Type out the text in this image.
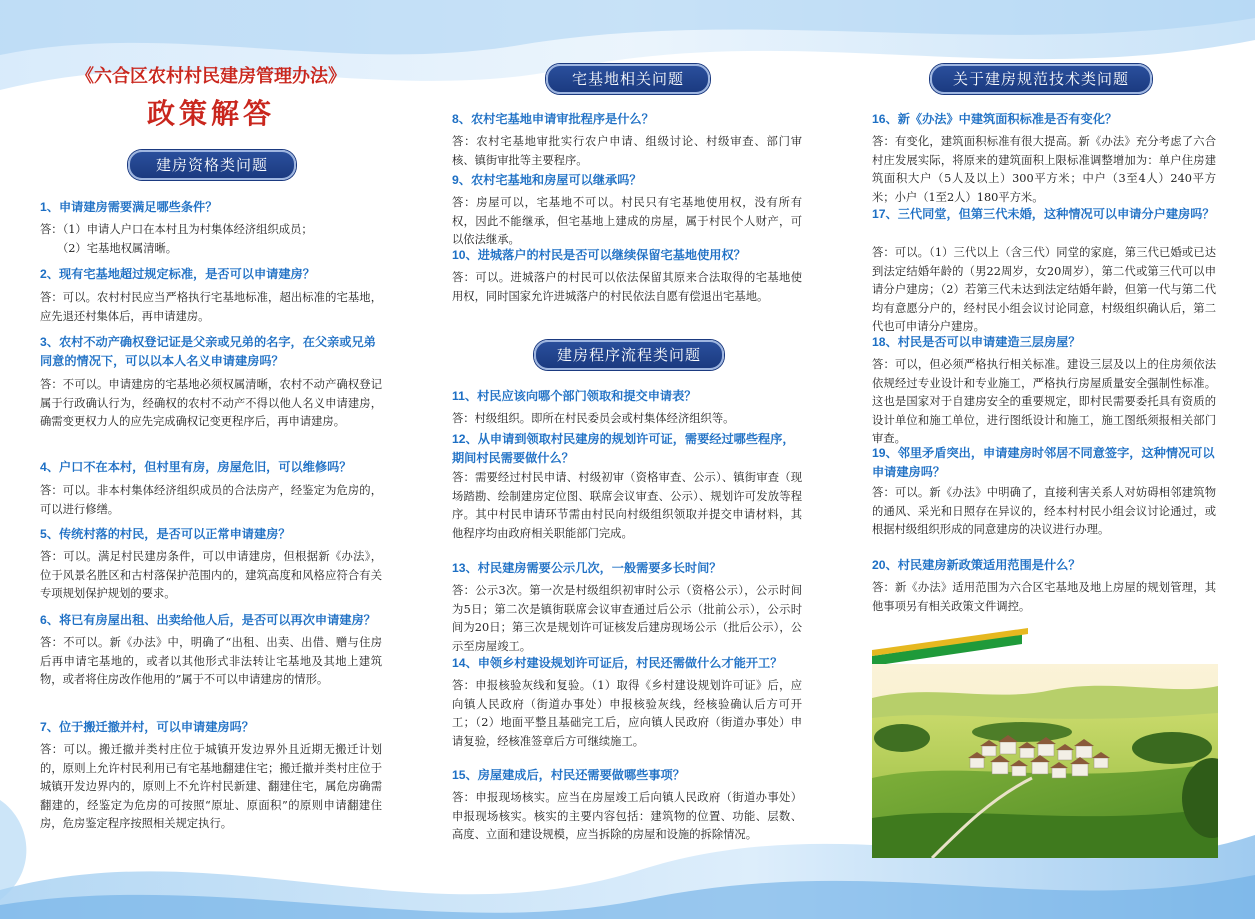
《六合区农村村民建房管理办法》
政策解答
建房资格类问题

1、申请建房需要满足哪些条件？

答：（1）申请人户口在本村且为村集体经济组织成员；
　　（2）宅基地权属清晰。

2、现有宅基地超过规定标准，是否可以申请建房？

答：可以。农村村民应当严格执行宅基地标准，超出标准的宅基地，应先退还村集体后，再申请建房。

3、农村不动产确权登记证是父亲或兄弟的名字，在父亲或兄弟同意的情况下，可以以本人名义申请建房吗？

答：不可以。申请建房的宅基地必须权属清晰，农村不动产确权登记属于行政确认行为，经确权的农村不动产不得以他人名义申请建房，确需变更权力人的应先完成确权记变更程序后，再申请建房。

4、户口不在本村，但村里有房，房屋危旧，可以维修吗？

答：可以。非本村集体经济组织成员的合法房产，经鉴定为危房的，可以进行修缮。

5、传统村落的村民，是否可以正常申请建房？

答：可以。满足村民建房条件，可以申请建房，但根据新《办法》，位于风景名胜区和古村落保护范围内的，建筑高度和风格应符合有关专项规划保护规划的要求。

6、将已有房屋出租、出卖给他人后，是否可以再次申请建房？

答：不可以。新《办法》中，明确了“出租、出卖、出借、赠与住房后再申请宅基地的，或者以其他形式非法转让宅基地及其地上建筑物，或者将住房改作他用的”属于不可以申请建房的情形。

7、位于搬迁撤并村，可以申请建房吗？

答：可以。搬迁撤并类村庄位于城镇开发边界外且近期无搬迁计划的，原则上允许村民利用已有宅基地翻建住宅；搬迁撤并类村庄位于城镇开发边界内的，原则上不允许村民新建、翻建住宅，属危房确需翻建的，经鉴定为危房的可按照“原址、原面积”的原则申请翻建住房，危房鉴定程序按照相关规定执行。

宅基地相关问题

8、农村宅基地申请审批程序是什么？

答：农村宅基地审批实行农户申请、组级讨论、村级审查、部门审核、镇街审批等主要程序。

9、农村宅基地和房屋可以继承吗？

答：房屋可以，宅基地不可以。村民只有宅基地使用权，没有所有权，因此不能继承，但宅基地上建成的房屋，属于村民个人财产，可以依法继承。

10、进城落户的村民是否可以继续保留宅基地使用权？

答：可以。进城落户的村民可以依法保留其原来合法取得的宅基地使用权，同时国家允许进城落户的村民依法自愿有偿退出宅基地。

建房程序流程类问题

11、村民应该向哪个部门领取和提交申请表？

答：村级组织。即所在村民委员会或村集体经济组织等。

12、从申请到领取村民建房的规划许可证，需要经过哪些程序，期间村民需要做什么？

答：需要经过村民申请、村级初审（资格审查、公示）、镇街审查（现场踏勘、绘制建房定位图、联席会议审查、公示）、规划许可发放等程序。其中村民申请环节需由村民向村级组织领取并提交申请材料，其他程序均由政府相关职能部门完成。

13、村民建房需要公示几次，一般需要多长时间？

答：公示3次。第一次是村级组织初审时公示（资格公示），公示时间为5日；第二次是镇街联席会议审查通过后公示（批前公示），公示时间为20日；第三次是规划许可证核发后建房现场公示（批后公示），公示至房屋竣工。

14、申领乡村建设规划许可证后，村民还需做什么才能开工？

答：申报核验灰线和复验。（1）取得《乡村建设规划许可证》后，应向镇人民政府（街道办事处）申报核验灰线，经核验确认后方可开工；（2）地面平整且基础完工后，应向镇人民政府（街道办事处）申请复验，经核准签章后方可继续施工。

15、房屋建成后，村民还需要做哪些事项？

答：申报现场核实。应当在房屋竣工后向镇人民政府（街道办事处）申报现场核实。核实的主要内容包括：建筑物的位置、功能、层数、高度、立面和建设规模，应当拆除的房屋和设施的拆除情况。

关于建房规范技术类问题

16、新《办法》中建筑面积标准是否有变化？

答：有变化，建筑面积标准有很大提高。新《办法》充分考虑了六合村庄发展实际，将原来的建筑面积上限标准调整增加为：单户住房建筑面积大户（5人及以上）300平方米；中户（3至4人）240平方米；小户（1至2人）180平方米。

17、三代同堂，但第三代未婚，这种情况可以申请分户建房吗？

答：可以。（1）三代以上（含三代）同堂的家庭，第三代已婚或已达到法定结婚年龄的（男22周岁，女20周岁），第二代或第三代可以申请分户建房；（2）若第三代未达到法定结婚年龄，但第一代与第二代均有意愿分户的，经村民小组会议讨论同意，村级组织确认后，第二代也可申请分户建房。

18、村民是否可以申请建造三层房屋？

答：可以，但必须严格执行相关标准。建设三层及以上的住房须依法依规经过专业设计和专业施工，严格执行房屋质量安全强制性标准。这也是国家对于自建房安全的重要规定，即村民需要委托具有资质的设计单位和施工单位，进行图纸设计和施工，施工图纸须报相关部门审查。

19、邻里矛盾突出，申请建房时邻居不同意签字，这种情况可以申请建房吗？

答：可以。新《办法》中明确了，直接利害关系人对妨碍相邻建筑物的通风、采光和日照存在异议的，经本村村民小组会议讨论通过，或根据村级组织形成的同意建房的决议进行办理。

20、村民建房新政策适用范围是什么？

答：新《办法》适用范围为六合区宅基地及地上房屋的规划管理，其他事项另有相关政策文件调控。
